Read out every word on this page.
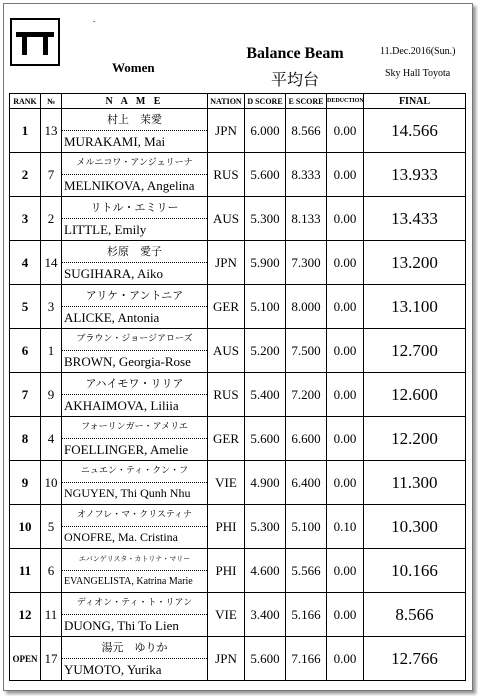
-
Women
Balance Beam
平均台
11.Dec.2016(Sun.)
Sky Hall Toyota
RANK	№	N A M E	NATION	D SCORE	E SCORE	DEDUCTION	FINAL
1	13	村上　茉愛
MURAKAMI, Mai	JPN	6.000	8.566	0.00	14.566
2	7	メルニコワ・アンジェリーナ
MELNIKOVA, Angelina	RUS	5.600	8.333	0.00	13.933
3	2	リトル・エミリー
LITTLE, Emily	AUS	5.300	8.133	0.00	13.433
4	14	杉原　愛子
SUGIHARA, Aiko	JPN	5.900	7.300	0.00	13.200
5	3	アリケ・アントニア
ALICKE, Antonia	GER	5.100	8.000	0.00	13.100
6	1	ブラウン・ジョージアローズ
BROWN, Georgia-Rose	AUS	5.200	7.500	0.00	12.700
7	9	アハイモワ・リリア
AKHAIMOVA, Liliia	RUS	5.400	7.200	0.00	12.600
8	4	フォーリンガー・アメリエ
FOELLINGER, Amelie	GER	5.600	6.600	0.00	12.200
9	10	ニュエン・ティ・クン・フ
NGUYEN, Thi Qunh Nhu	VIE	4.900	6.400	0.00	11.300
10	5	オノフレ・マ・クリスティナ
ONOFRE, Ma. Cristina	PHI	5.300	5.100	0.10	10.300
11	6	エバンゲリスタ・カトリナ・マリー
EVANGELISTA, Katrina Marie	PHI	4.600	5.566	0.00	10.166
12	11	ディオン・ティ・ト・リアン
DUONG, Thi To Lien	VIE	3.400	5.166	0.00	8.566
OPEN	17	湯元　ゆりか
YUMOTO, Yurika	JPN	5.600	7.166	0.00	12.766
